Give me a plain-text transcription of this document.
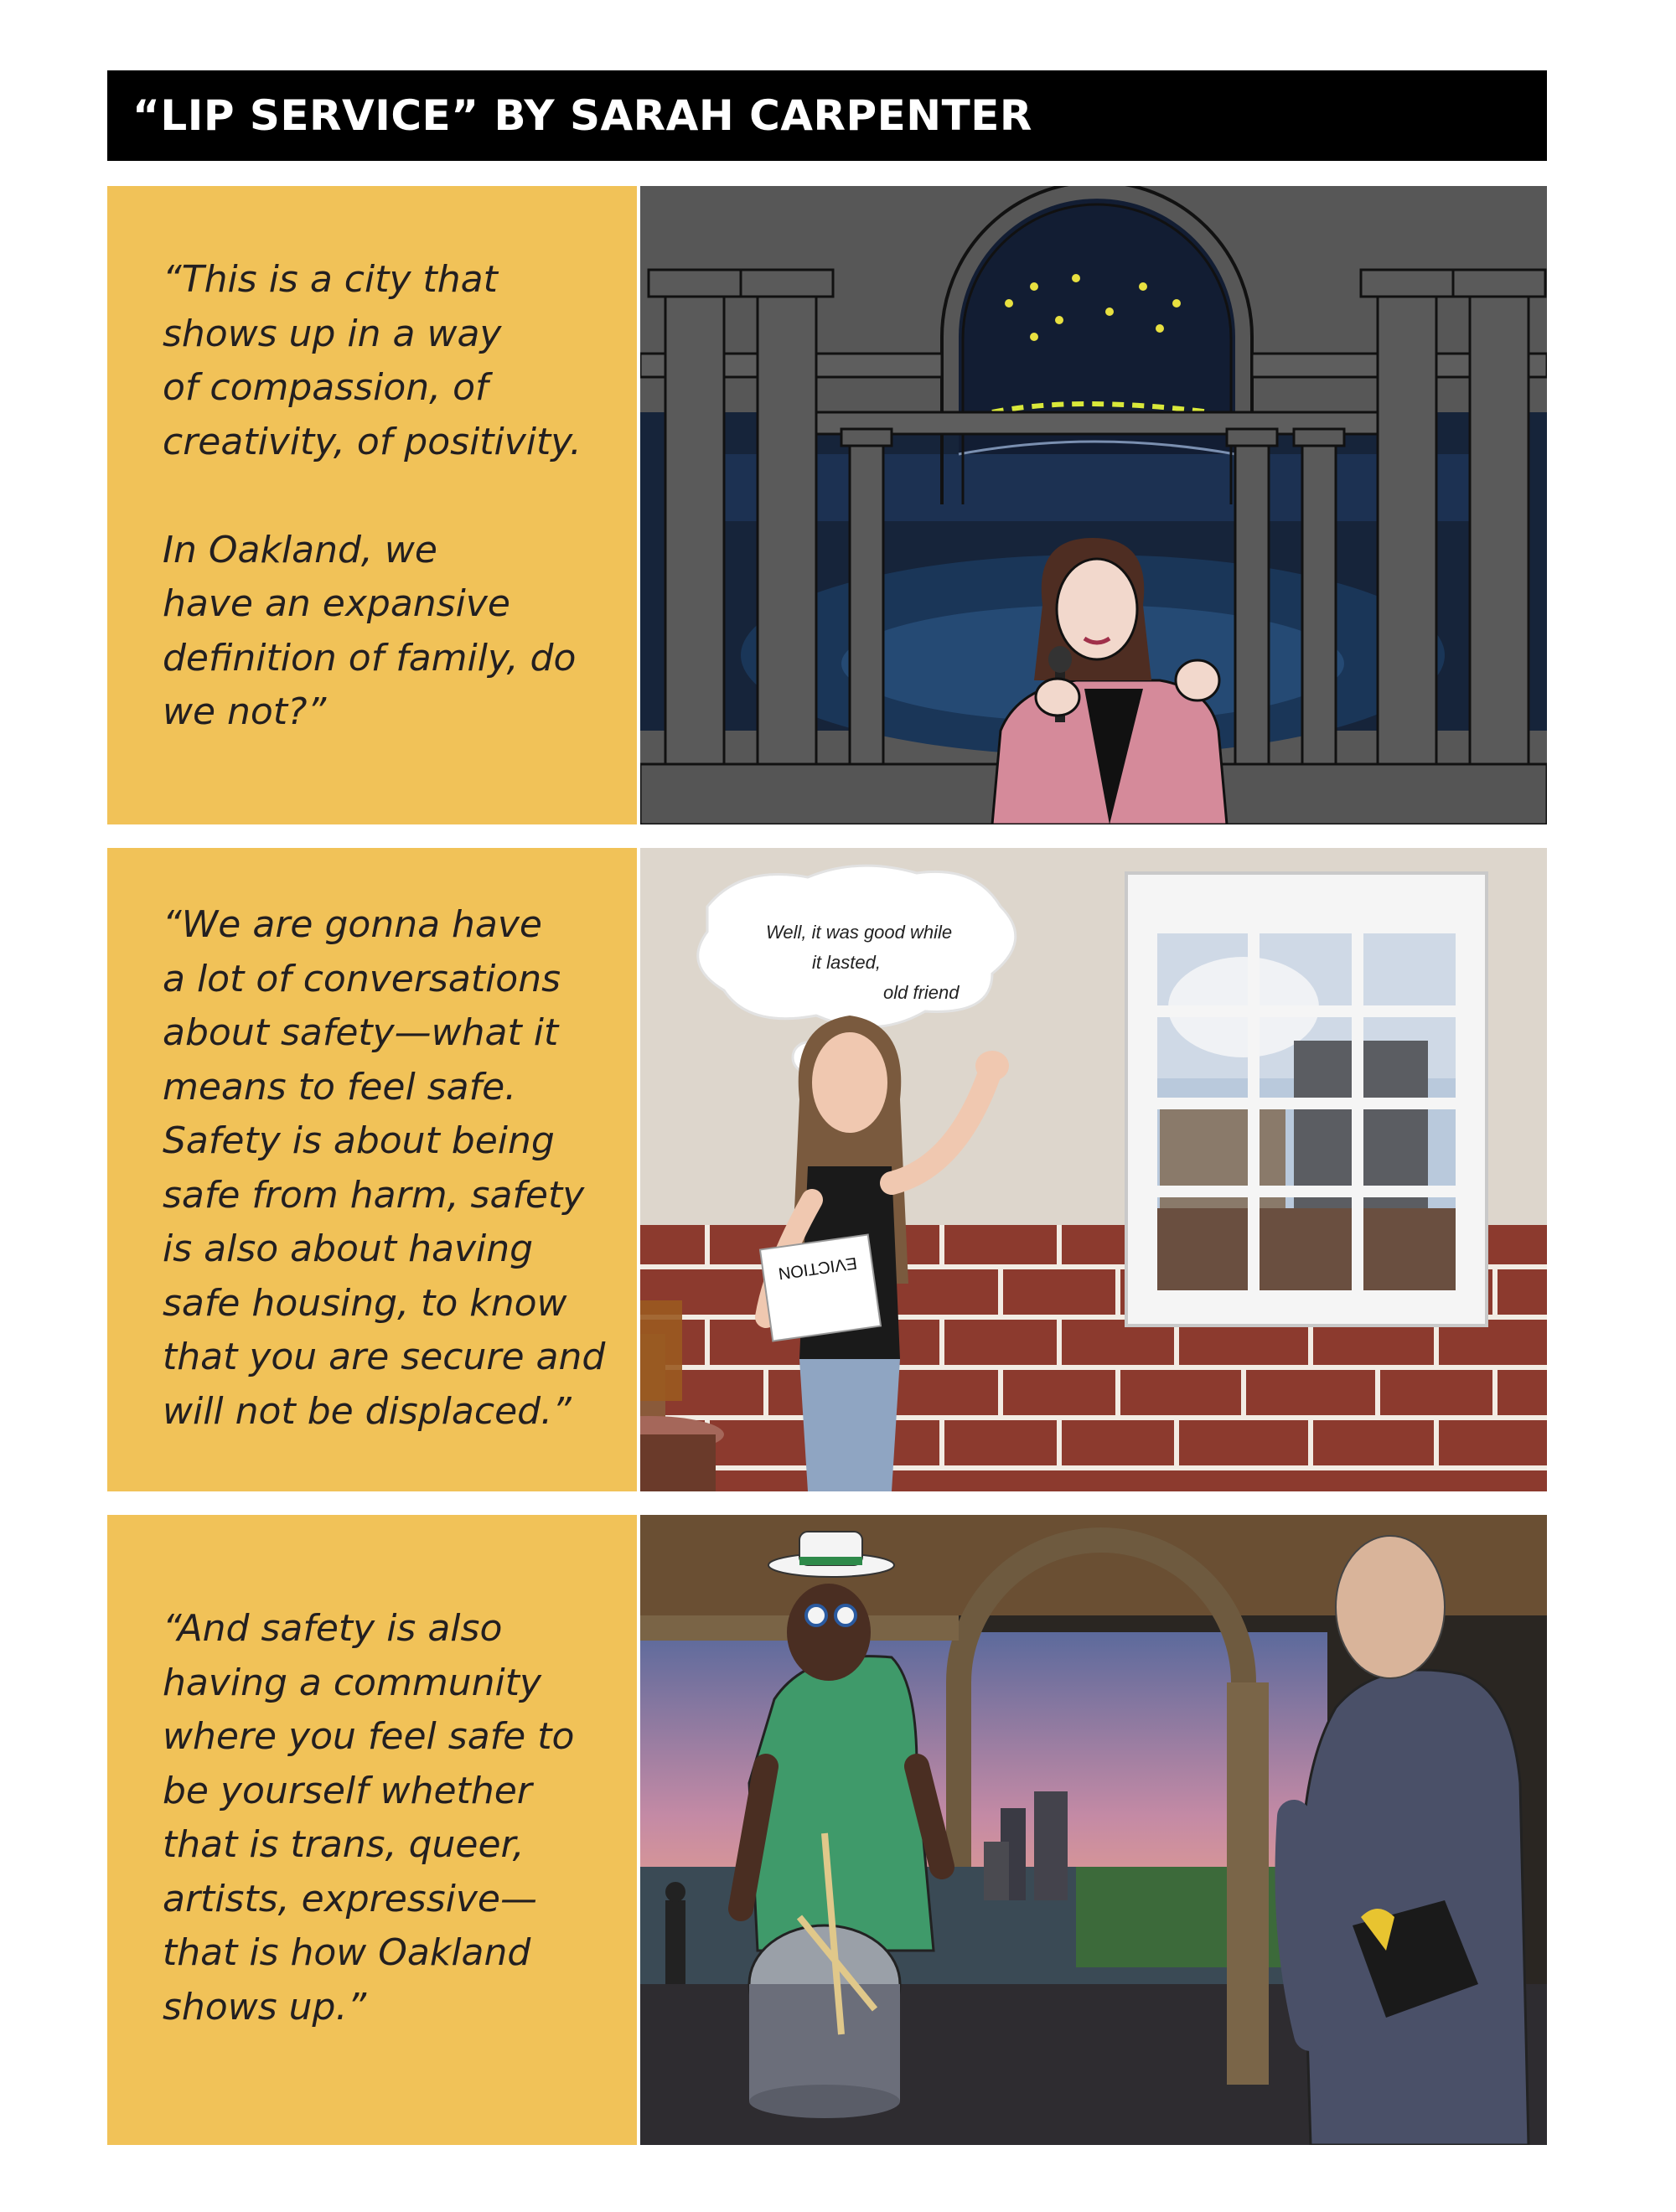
“LIP SERVICE” BY SARAH CARPENTER
“This is a city that
shows up in a way
of compassion, of
creativity, of positivity.

In Oakland, we
have an expansive
definition of family, do
we not?”
“We are gonna have
a lot of conversations
about safety—what it
means to feel safe.
Safety is about being
safe from harm, safety
is also about having
safe housing, to know
that you are secure and
will not be displaced.”
EVICTION
Well, it was good while
it lasted,
old friend
“And safety is also
having a community
where you feel safe to
be yourself whether
that is trans, queer,
artists, expressive—
that is how Oakland
shows up.”
